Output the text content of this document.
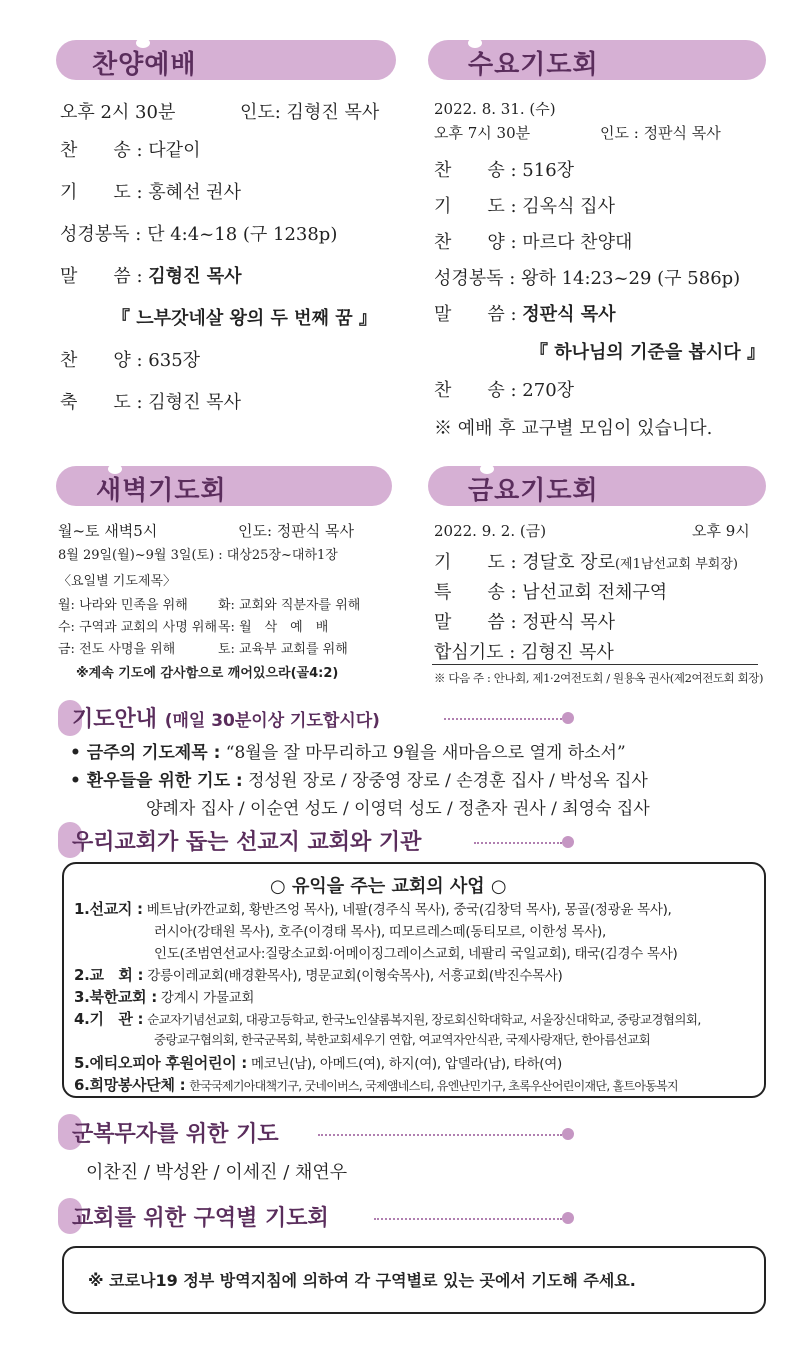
찬양예배
오후 2시 30분	인도: 김형진 목사
찬　　송 : 다같이
기　　도 : 홍혜선 권사
성경봉독 : 단 4:4~18 (구 1238p)
말　　씀 : 김형진 목사
『 느부갓네살 왕의 두 번째 꿈 』
찬　　양 : 635장
축　　도 : 김형진 목사
수요기도회
2022. 8. 31. (수)
오후 7시 30분	인도 : 정판식 목사
찬　　송 : 516장
기　　도 : 김옥식 집사
찬　　양 : 마르다 찬양대
성경봉독 : 왕하 14:23~29 (구 586p)
말　　씀 : 정판식 목사
『 하나님의 기준을 봅시다 』
찬　　송 : 270장
※ 예배 후 교구별 모임이 있습니다.
새벽기도회
월~토 새벽5시	인도: 정판식 목사
8월 29일(월)~9월 3일(토) : 대상25장~대하1장
〈요일별 기도제목〉
월: 나라와 민족을 위해 화: 교회와 직분자를 위해
수: 구역과 교회의 사명 위해 목: 월　삭　예　배
금: 전도 사명을 위해	토: 교육부 교회를 위해
※계속 기도에 감사함으로 깨어있으라(골4:2)
금요기도회
2022. 9. 2. (금)	오후 9시
기　　도 : 경달호 장로(제1남선교회 부회장)
특　　송 : 남선교회 전체구역
말　　씀 : 정판식 목사
합심기도 : 김형진 목사
※ 다음 주 : 안나회, 제1·2여전도회 / 원용옥 권사(제2여전도회 회장)
기도안내 (매일 30분이상 기도합시다)
• 금주의 기도제목 : “8월을 잘 마무리하고 9월을 새마음으로 열게 하소서”
• 환우들을 위한 기도 : 정성원 장로 / 장중영 장로 / 손경훈 집사 / 박성옥 집사
양례자 집사 / 이순연 성도 / 이영덕 성도 / 정춘자 권사 / 최영숙 집사
우리교회가 돕는 선교지 교회와 기관
○ 유익을 주는 교회의 사업 ○
1.선교지 : 베트남(카깐교회, 황반즈엉 목사), 네팔(경주식 목사), 중국(김창덕 목사), 몽골(정광윤 목사),
러시아(강태원 목사), 호주(이경태 목사), 띠모르레스떼(동티모르, 이한성 목사),
인도(조범연선교사:질랑소교회·어메이징그레이스교회, 네팔리 국일교회), 태국(김경수 목사)
2.교　회 : 강릉이레교회(배경환목사), 명문교회(이형숙목사), 서흥교회(박진수목사)
3.북한교회 : 강계시 가물교회
4.기　관 : 순교자기념선교회, 대광고등학교, 한국노인샬롬복지원, 장로회신학대학교, 서울장신대학교, 중랑교경협의회,
중랑교구협의회, 한국군목회, 북한교회세우기 연합, 여교역자안식관, 국제사랑재단, 한아름선교회
5.에티오피아 후원어린이 : 메코닌(남), 아메드(여), 하지(여), 압델라(남), 타하(여)
6.희망봉사단체 : 한국국제기아대책기구, 굿네이버스, 국제앰네스티, 유엔난민기구, 초록우산어린이재단, 홀트아동복지
군복무자를 위한 기도
이찬진 / 박성완 / 이세진 / 채연우
교회를 위한 구역별 기도회
※ 코로나19 정부 방역지침에 의하여 각 구역별로 있는 곳에서 기도해 주세요.
